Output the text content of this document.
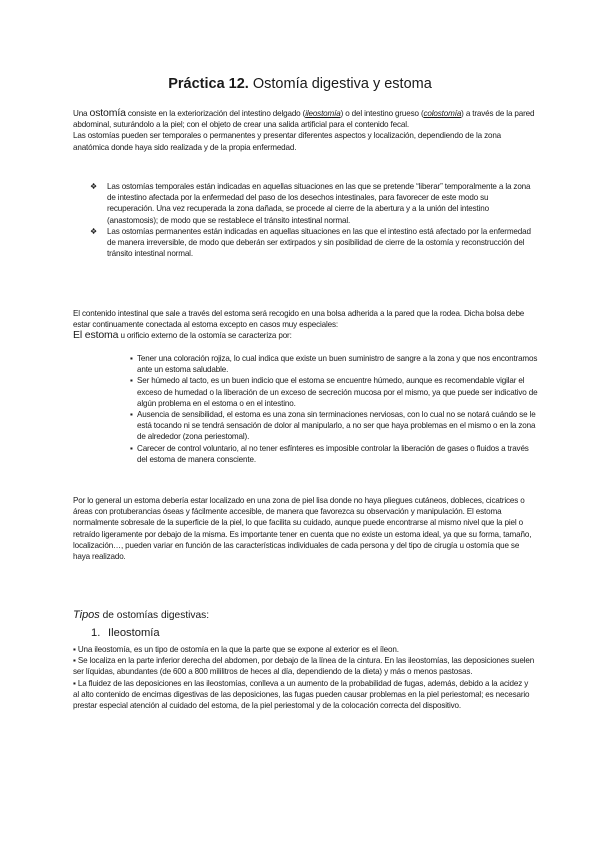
Práctica 12. Ostomía digestiva y estoma

Una ostomía consiste en la exteriorización del intestino delgado (ileostomía) o del intestino grueso (colostomía) a través de la pared abdominal, suturándolo a la piel; con el objeto de crear una salida artificial para el contenido fecal.

Las ostomías pueden ser temporales o permanentes y presentar diferentes aspectos y localización, dependiendo de la zona anatómica donde haya sido realizada y de la propia enfermedad.

❖ Las ostomías temporales están indicadas en aquellas situaciones en las que se pretende “liberar” temporalmente a la zona de intestino afectada por la enfermedad del paso de los desechos intestinales, para favorecer de este modo su recuperación. Una vez recuperada la zona dañada, se procede al cierre de la abertura y a la unión del intestino (anastomosis); de modo que se restablece el tránsito intestinal normal.
❖ Las ostomías permanentes están indicadas en aquellas situaciones en las que el intestino está afectado por la enfermedad de manera irreversible, de modo que deberán ser extirpados y sin posibilidad de cierre de la ostomía y reconstrucción del tránsito intestinal normal.

El contenido intestinal que sale a través del estoma será recogido en una bolsa adherida a la pared que la rodea. Dicha bolsa debe estar continuamente conectada al estoma excepto en casos muy especiales:

El estoma u orificio externo de la ostomía se caracteriza por:

▪ Tener una coloración rojiza, lo cual indica que existe un buen suministro de sangre a la zona y que nos encontramos ante un estoma saludable.
▪ Ser húmedo al tacto, es un buen indicio que el estoma se encuentre húmedo, aunque es recomendable vigilar el exceso de humedad o la liberación de un exceso de secreción mucosa por el mismo, ya que puede ser indicativo de algún problema en el estoma o en el intestino.
▪ Ausencia de sensibilidad, el estoma es una zona sin terminaciones nerviosas, con lo cual no se notará cuándo se le está tocando ni se tendrá sensación de dolor al manipularlo, a no ser que haya problemas en el mismo o en la zona de alrededor (zona periestomal).
▪ Carecer de control voluntario, al no tener esfínteres es imposible controlar la liberación de gases o fluidos a través del estoma de manera consciente.

Por lo general un estoma debería estar localizado en una zona de piel lisa donde no haya pliegues cutáneos, dobleces, cicatrices o áreas con protuberancias óseas y fácilmente accesible, de manera que favorezca su observación y manipulación. El estoma normalmente sobresale de la superficie de la piel, lo que facilita su cuidado, aunque puede encontrarse al mismo nivel que la piel o retraído ligeramente por debajo de la misma. Es importante tener en cuenta que no existe un estoma ideal, ya que su forma, tamaño, localización…, pueden variar en función de las características individuales de cada persona y del tipo de cirugía u ostomía que se haya realizado.

Tipos de ostomías digestivas:
1. Ileostomía

▪ Una ileostomía, es un tipo de ostomía en la que la parte que se expone al exterior es el íleon.

▪ Se localiza en la parte inferior derecha del abdomen, por debajo de la línea de la cintura. En las ileostomías, las deposiciones suelen ser líquidas, abundantes (de 600 a 800 mililitros de heces al día, dependiendo de la dieta) y más o menos pastosas.

▪ La fluidez de las deposiciones en las ileostomías, conlleva a un aumento de la probabilidad de fugas, además, debido a la acidez y al alto contenido de encimas digestivas de las deposiciones, las fugas pueden causar problemas en la piel periestomal; es necesario prestar especial atención al cuidado del estoma, de la piel periestomal y de la colocación correcta del dispositivo.
